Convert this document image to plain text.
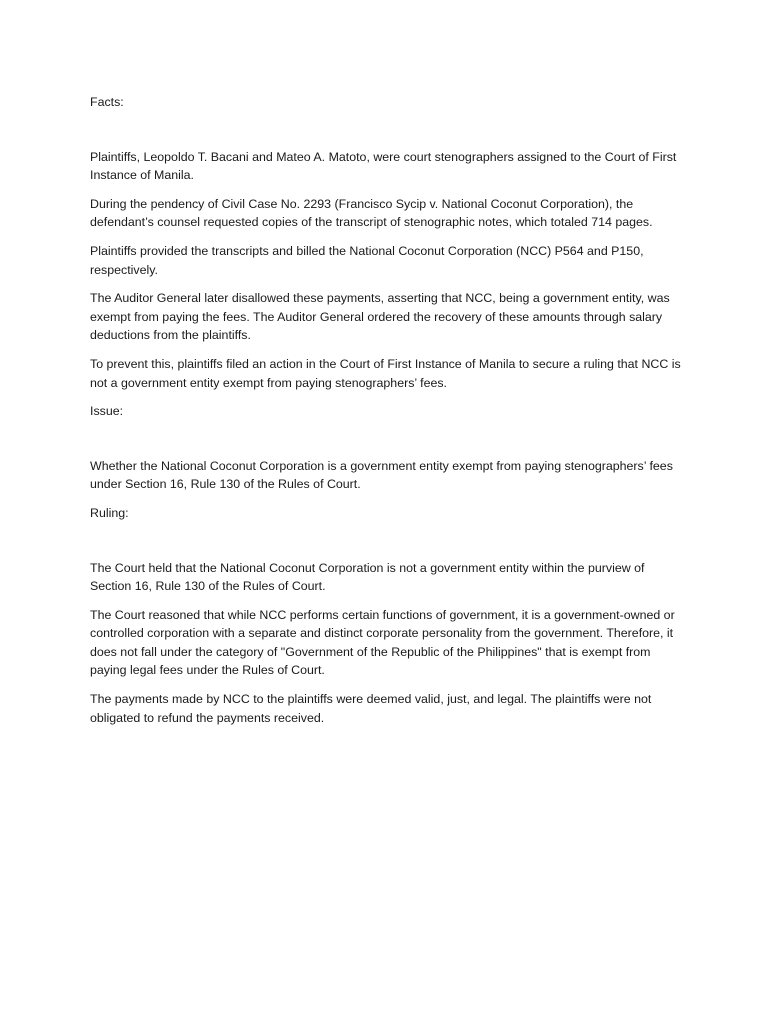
Facts:

Plaintiffs, Leopoldo T. Bacani and Mateo A. Matoto, were court stenographers assigned to the Court of First Instance of Manila.

During the pendency of Civil Case No. 2293 (Francisco Sycip v. National Coconut Corporation), the defendant’s counsel requested copies of the transcript of stenographic notes, which totaled 714 pages.

Plaintiffs provided the transcripts and billed the National Coconut Corporation (NCC) P564 and P150, respectively.

The Auditor General later disallowed these payments, asserting that NCC, being a government entity, was exempt from paying the fees. The Auditor General ordered the recovery of these amounts through salary deductions from the plaintiffs.

To prevent this, plaintiffs filed an action in the Court of First Instance of Manila to secure a ruling that NCC is not a government entity exempt from paying stenographers’ fees.

Issue:

Whether the National Coconut Corporation is a government entity exempt from paying stenographers’ fees under Section 16, Rule 130 of the Rules of Court.

Ruling:

The Court held that the National Coconut Corporation is not a government entity within the purview of Section 16, Rule 130 of the Rules of Court.

The Court reasoned that while NCC performs certain functions of government, it is a government-owned or controlled corporation with a separate and distinct corporate personality from the government. Therefore, it does not fall under the category of "Government of the Republic of the Philippines" that is exempt from paying legal fees under the Rules of Court.

The payments made by NCC to the plaintiffs were deemed valid, just, and legal. The plaintiffs were not obligated to refund the payments received.
